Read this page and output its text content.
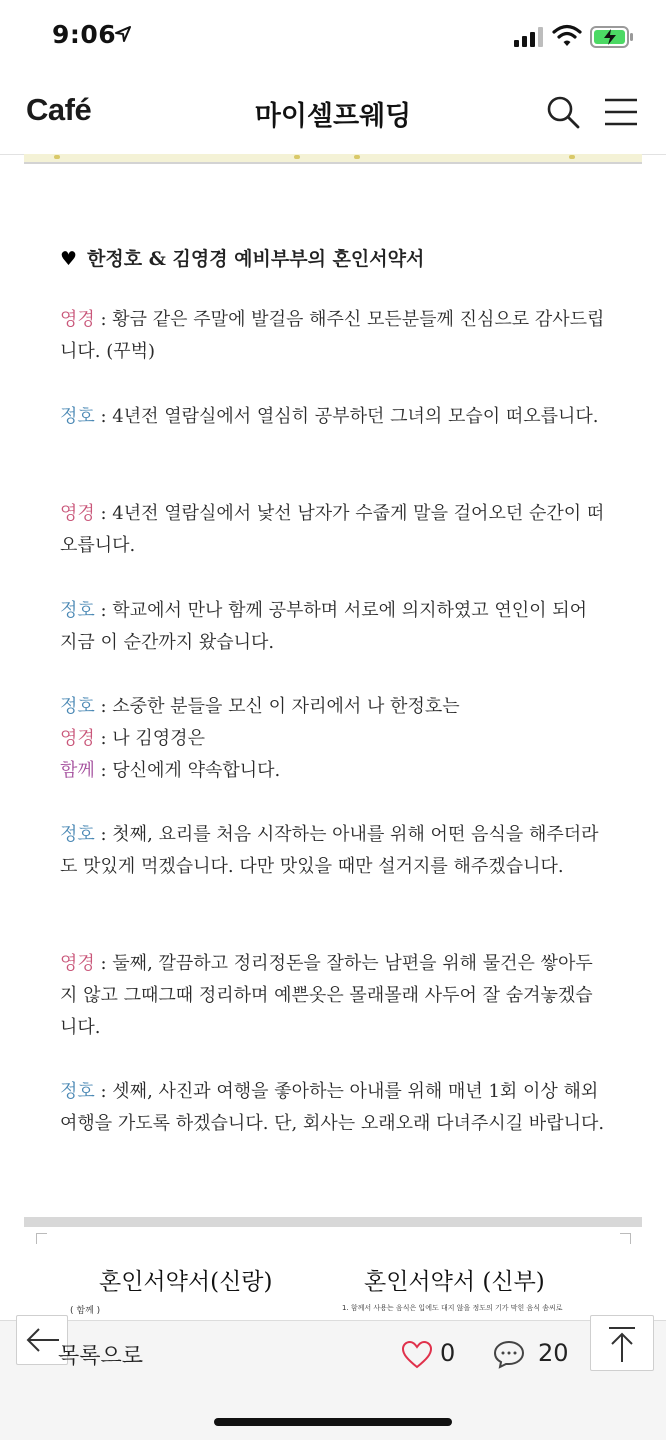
9:06
Café	마이셀프웨딩
♥ 한정호 & 김영경 예비부부의 혼인서약서
영경 : 황금 같은 주말에 발걸음 해주신 모든분들께 진심으로 감사드립니다. (꾸벅)
정호 : 4년전 열람실에서 열심히 공부하던 그녀의 모습이 떠오릅니다.
영경 : 4년전 열람실에서 낯선 남자가 수줍게 말을 걸어오던 순간이 떠오릅니다.
정호 : 학교에서 만나 함께 공부하며 서로에 의지하였고 연인이 되어 지금 이 순간까지 왔습니다.
정호 : 소중한 분들을 모신 이 자리에서 나 한정호는
영경 : 나 김영경은
함께 : 당신에게 약속합니다.
정호 : 첫째, 요리를 처음 시작하는 아내를 위해 어떤 음식을 해주더라도 맛있게 먹겠습니다. 다만 맛있을 때만 설거지를 해주겠습니다.
영경 : 둘째, 깔끔하고 정리정돈을 잘하는 남편을 위해 물건은 쌓아두지 않고 그때그때 정리하며 예쁜옷은 몰래몰래 사두어 잘 숨겨놓겠습니다.
정호 : 셋째, 사진과 여행을 좋아하는 아내를 위해 매년 1회 이상 해외여행을 가도록 하겠습니다. 단, 회사는 오래오래 다녀주시길 바랍니다.
혼인서약서(신랑)	혼인서약서 (신부)
( 함께 )	1. 함께서 사용는 음식은 입에도 대지 않을 정도의 기가 막힌 음식 솜씨로
목록으로	0	20
